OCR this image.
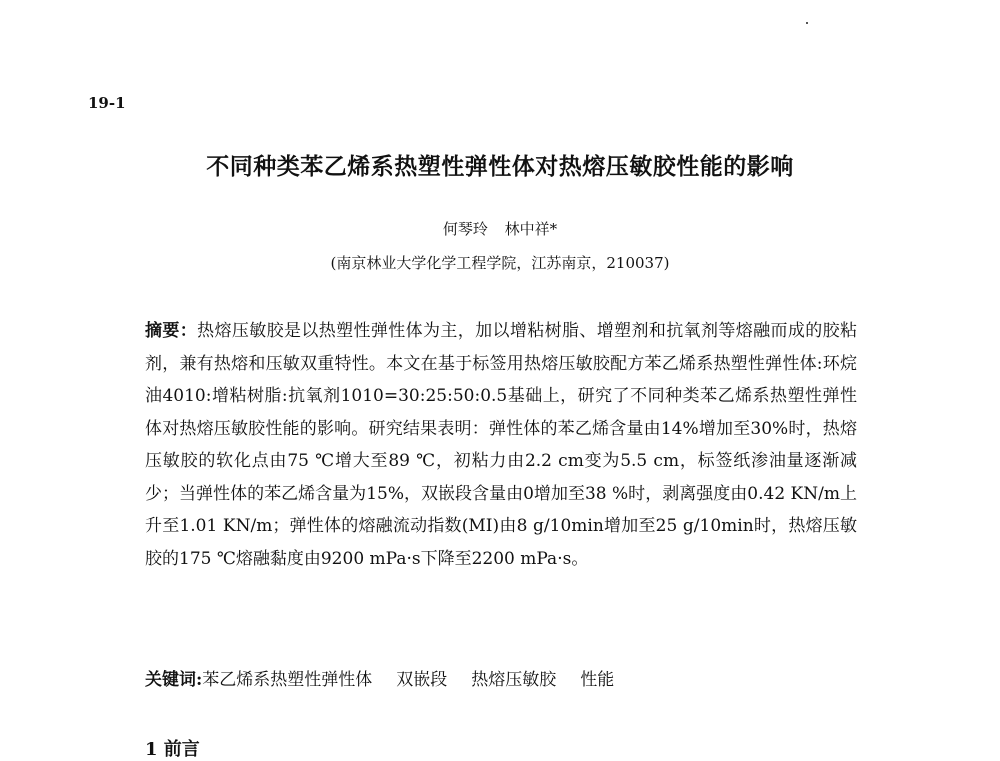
19-1
不同种类苯乙烯系热塑性弹性体对热熔压敏胶性能的影响
何琴玲 林中祥*
(南京林业大学化学工程学院，江苏南京，210037)
摘要：热熔压敏胶是以热塑性弹性体为主，加以增粘树脂、增塑剂和抗氧剂等熔融而成的胶粘剂，兼有热熔和压敏双重特性。本文在基于标签用热熔压敏胶配方苯乙烯系热塑性弹性体:环烷油4010:增粘树脂:抗氧剂1010=30:25:50:0.5基础上，研究了不同种类苯乙烯系热塑性弹性体对热熔压敏胶性能的影响。研究结果表明：弹性体的苯乙烯含量由14%增加至30%时，热熔压敏胶的软化点由75 ℃增大至89 ℃，初粘力由2.2 cm变为5.5 cm，标签纸渗油量逐渐减少；当弹性体的苯乙烯含量为15%，双嵌段含量由0增加至38 %时，剥离强度由0.42 KN/m上升至1.01 KN/m；弹性体的熔融流动指数(MI)由8 g/10min增加至25 g/10min时，热熔压敏胶的175 ℃熔融黏度由9200 mPa·s下降至2200 mPa·s。
关键词:苯乙烯系热塑性弹性体 双嵌段 热熔压敏胶 性能
1 前言
